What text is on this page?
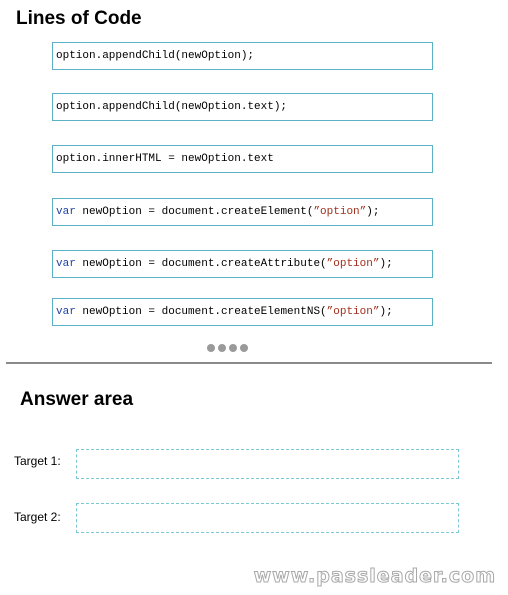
Lines of Code
option.appendChild(newOption);
option.appendChild(newOption.text);
option.innerHTML = newOption.text
var newOption = document.createElement(”option”);
var newOption = document.createAttribute(”option”);
var newOption = document.createElementNS(”option”);
Answer area
Target 1:
Target 2:
www.passleader.com
